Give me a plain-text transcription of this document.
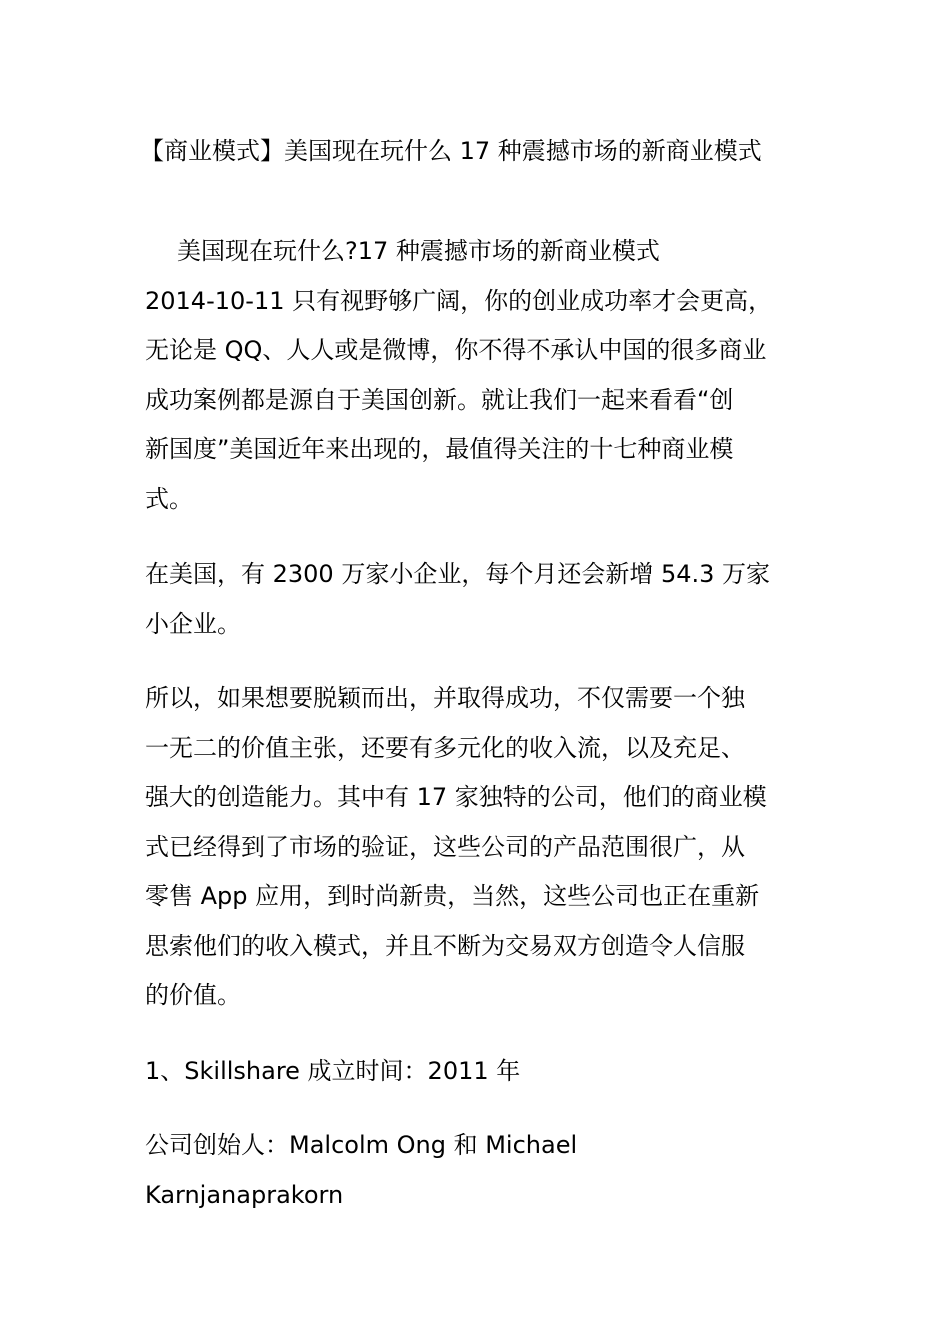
【商业模式】美国现在玩什么 17 种震撼市场的新商业模式

美国现在玩什么?17 种震撼市场的新商业模式
2014-10-11 只有视野够广阔，你的创业成功率才会更高，
无论是 QQ、人人或是微博，你不得不承认中国的很多商业
成功案例都是源自于美国创新。就让我们一起来看看“创
新国度”美国近年来出现的，最值得关注的十七种商业模
式。

在美国，有 2300 万家小企业，每个月还会新增 54.3 万家
小企业。

所以，如果想要脱颖而出，并取得成功，不仅需要一个独
一无二的价值主张，还要有多元化的收入流，以及充足、
强大的创造能力。其中有 17 家独特的公司，他们的商业模
式已经得到了市场的验证，这些公司的产品范围很广，从
零售 App 应用，到时尚新贵，当然，这些公司也正在重新
思索他们的收入模式，并且不断为交易双方创造令人信服
的价值。

1、Skillshare 成立时间：2011 年

公司创始人：Malcolm Ong 和 Michael
Karnjanaprakorn
